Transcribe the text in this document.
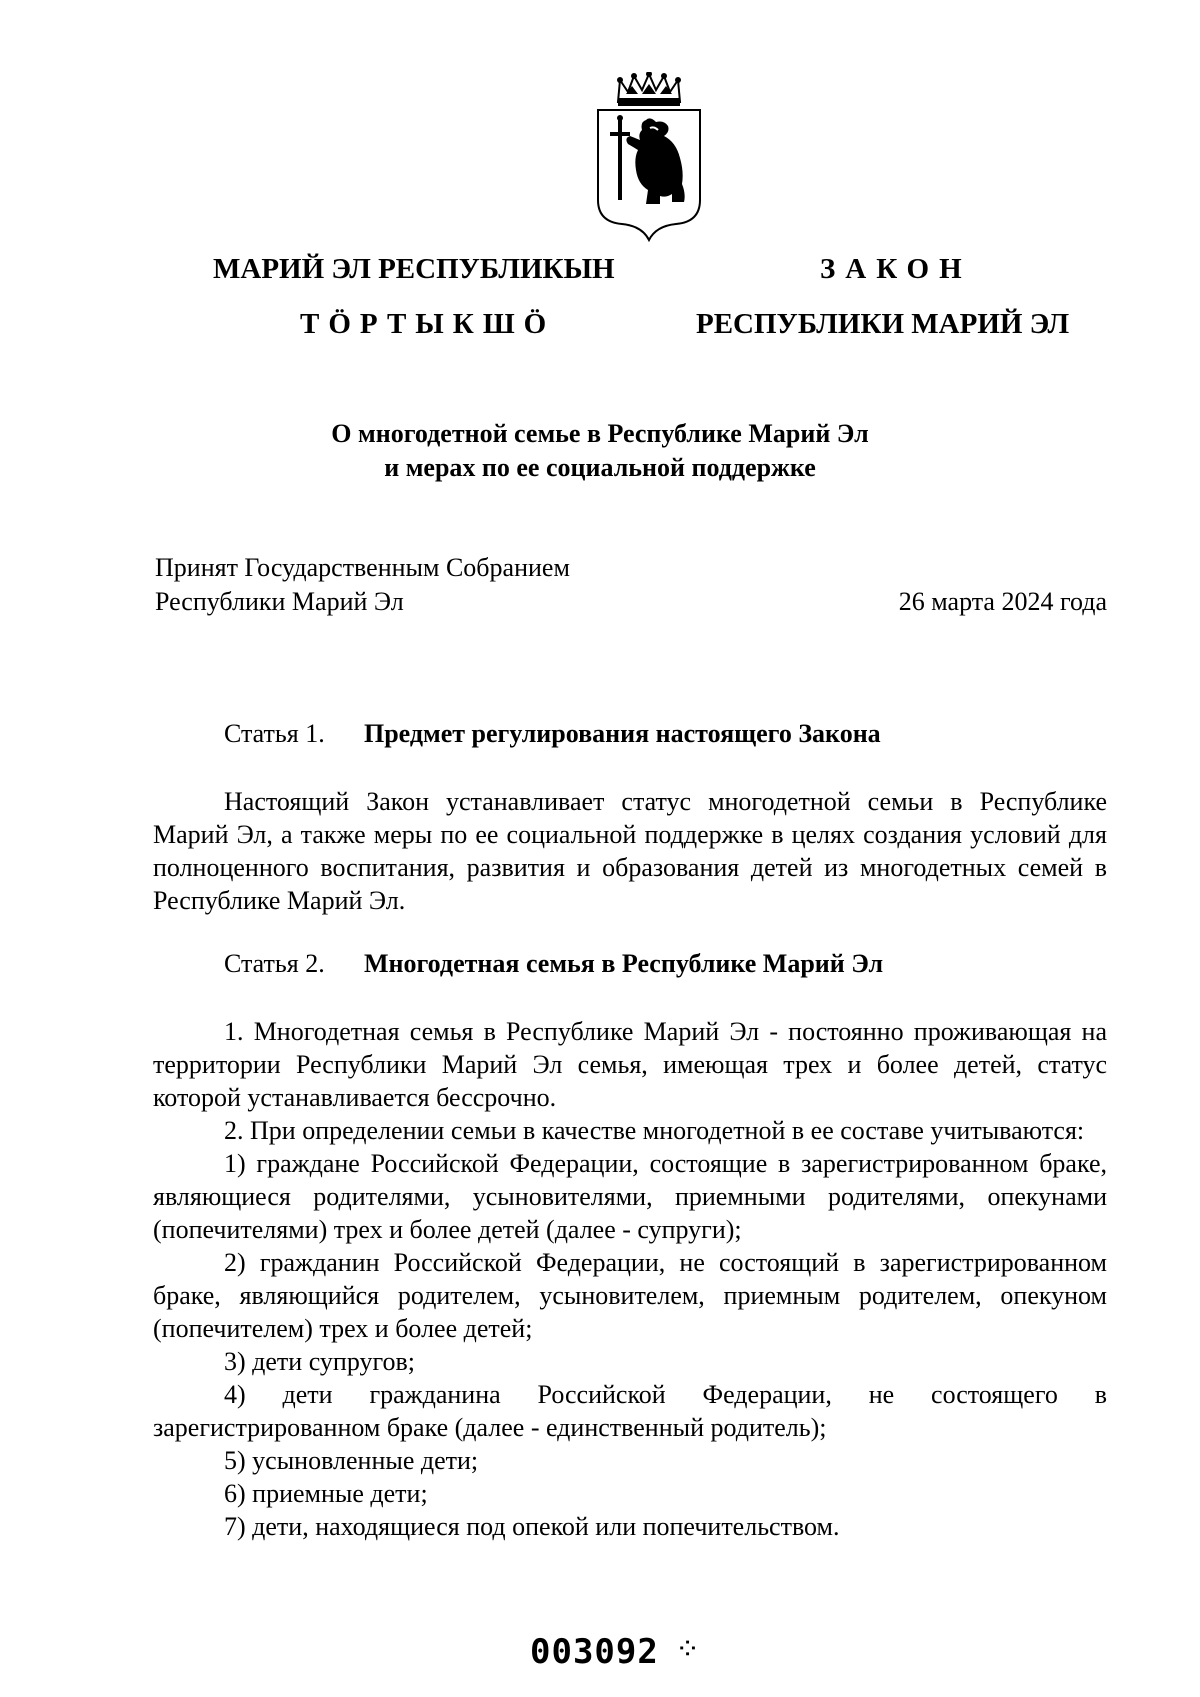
МАРИЙ ЭЛ РЕСПУБЛИКЫН
ТӦРТЫКШӦ
ЗАКОН
РЕСПУБЛИКИ МАРИЙ ЭЛ
О многодетной семье в Республике Марий Эл
и мерах по ее социальной поддержке
Принят Государственным Собранием
Республики Марий Эл	26 марта 2024 года
Статья 1. Предмет регулирования настоящего Закона

Настоящий Закон устанавливает статус многодетной семьи в Республике Марий Эл, а также меры по ее социальной поддержке в целях создания условий для полноценного воспитания, развития и образования детей из многодетных семей в Республике Марий Эл.

Статья 2. Многодетная семья в Республике Марий Эл

1. Многодетная семья в Республике Марий Эл - постоянно проживающая на территории Республики Марий Эл семья, имеющая трех и более детей, статус которой устанавливается бессрочно.

2. При определении семьи в качестве многодетной в ее составе учитываются:

1) граждане Российской Федерации, состоящие в зарегистрированном браке, являющиеся родителями, усыновителями, приемными родителями, опекунами (попечителями) трех и более детей (далее - супруги);

2) гражданин Российской Федерации, не состоящий в зарегистрированном браке, являющийся родителем, усыновителем, приемным родителем, опекуном (попечителем) трех и более детей;

3) дети супругов;

4) дети гражданина Российской Федерации, не состоящего в зарегистрированном браке (далее - единственный родитель);

5) усыновленные дети;

6) приемные дети;

7) дети, находящиеся под опекой или попечительством.

003092 ⁘
